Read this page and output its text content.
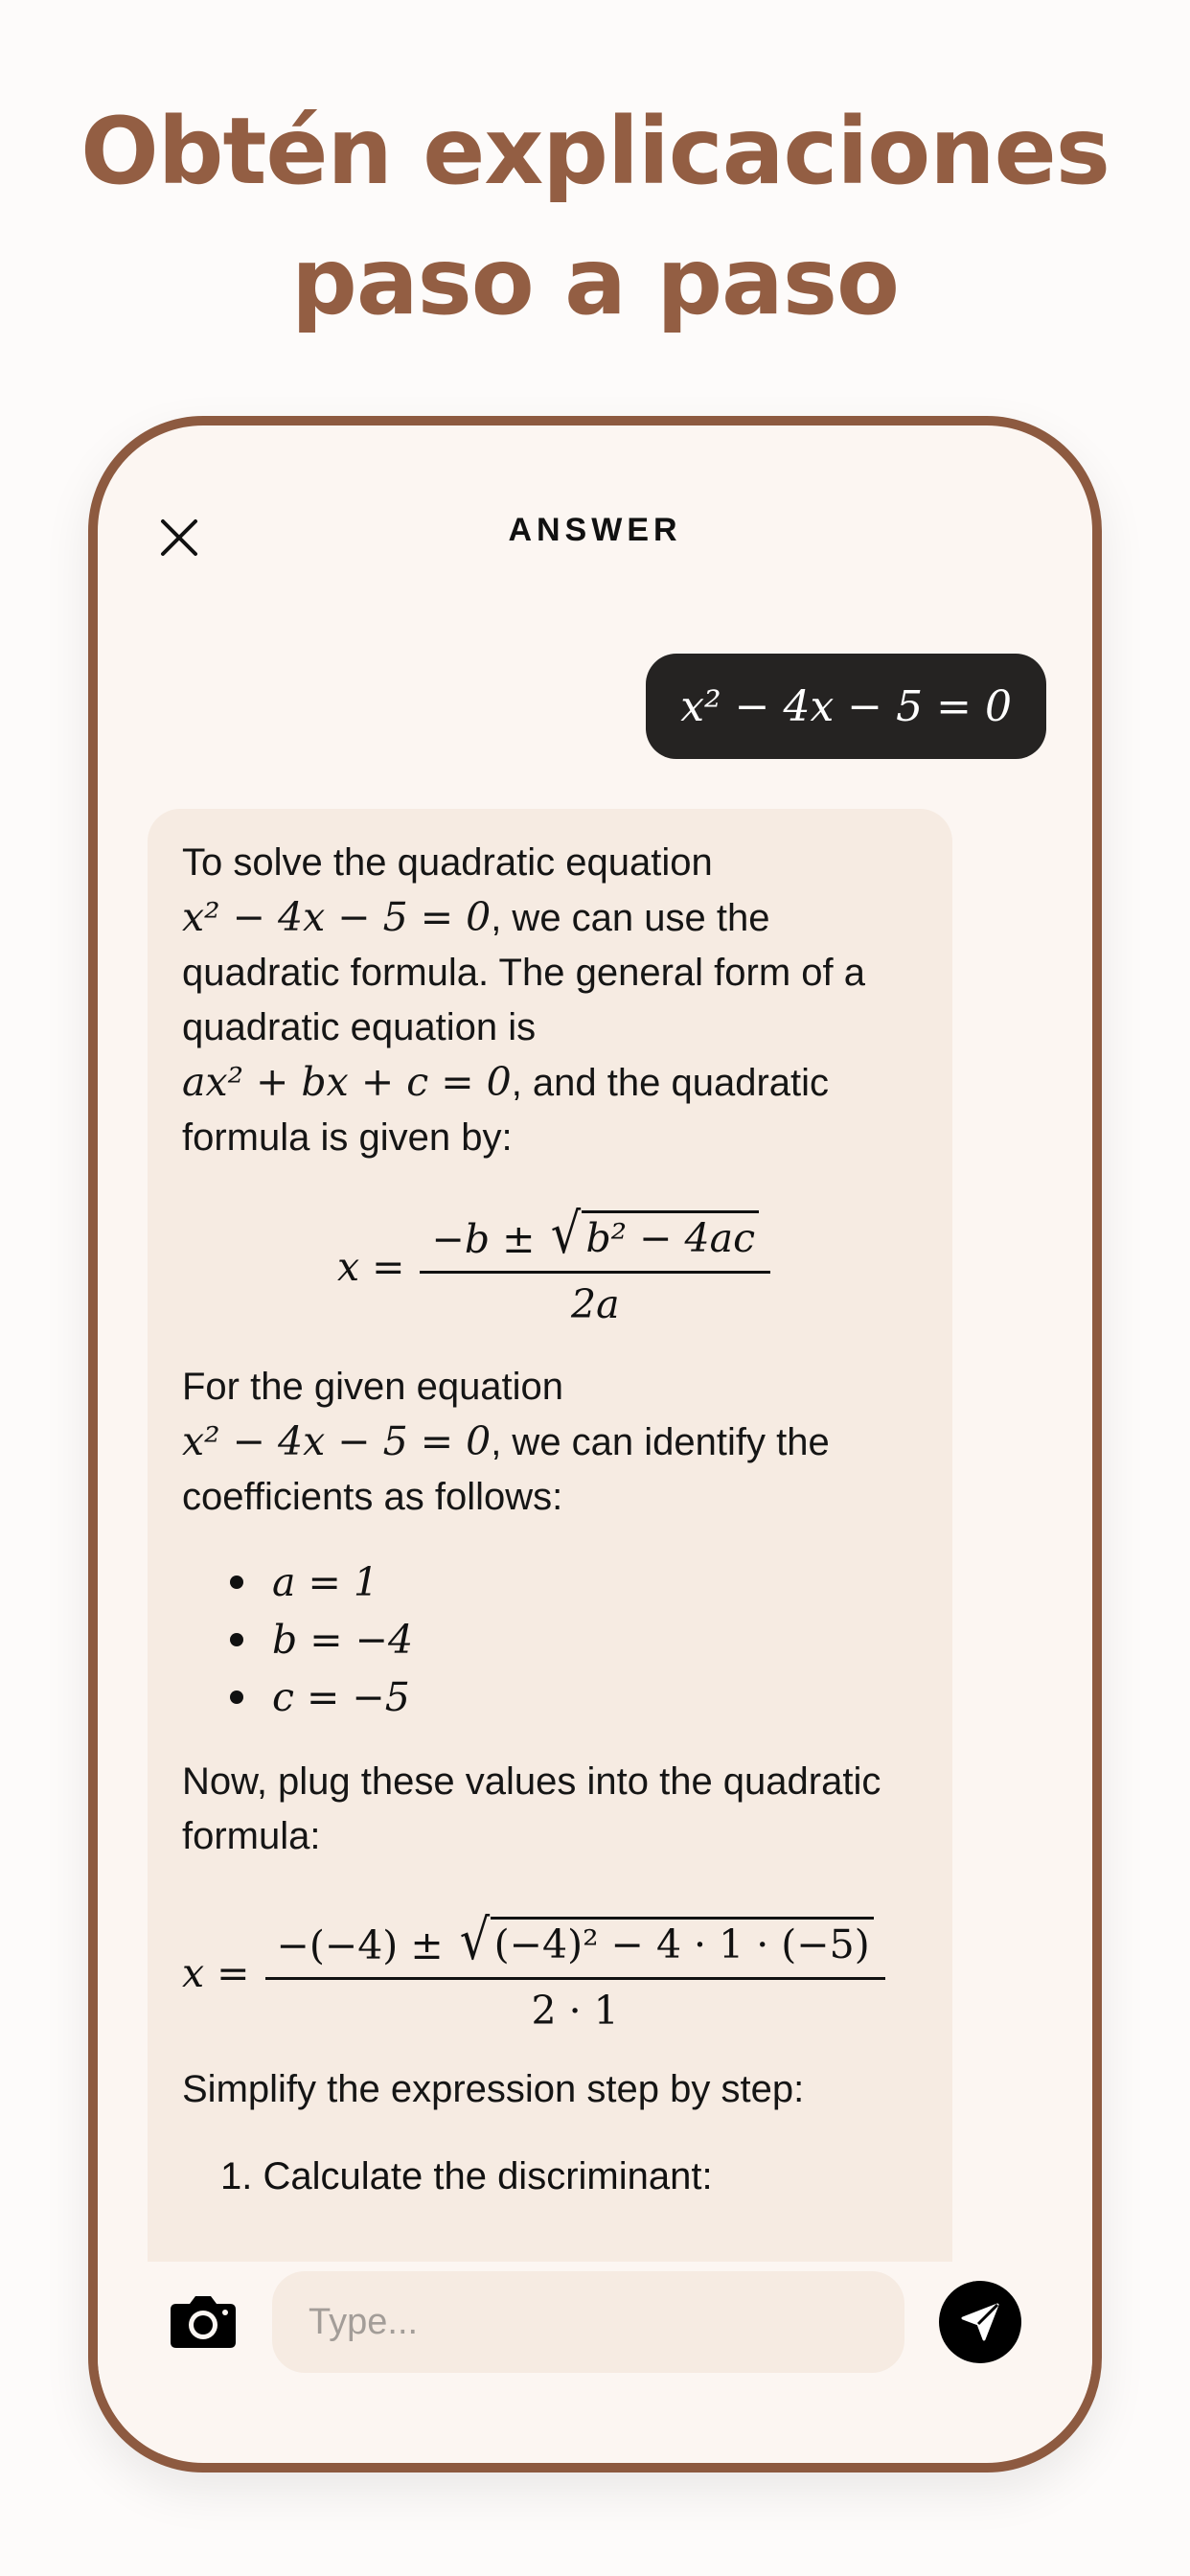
Obtén explicaciones
paso a paso
ANSWER
x² − 4x − 5 = 0

To solve the quadratic equation
x² − 4x − 5 = 0, we can use the quadratic formula. The general form of a quadratic equation is
ax² + bx + c = 0, and the quadratic formula is given by:

$x = \frac{\text{−b ± √ b² − 4ac}}{2a}$

For the given equation
x² − 4x − 5 = 0, we can identify the coefficients as follows:

a = 1
b = −4
c = −5

Now, plug these values into the quadratic formula:

$x = \frac{\text{−(−4) ± √ (−4)² − 4 · 1 · (−5)}}{2 \cdot 1}$

Simplify the expression step by step:

1. Calculate the discriminant:
Type...
